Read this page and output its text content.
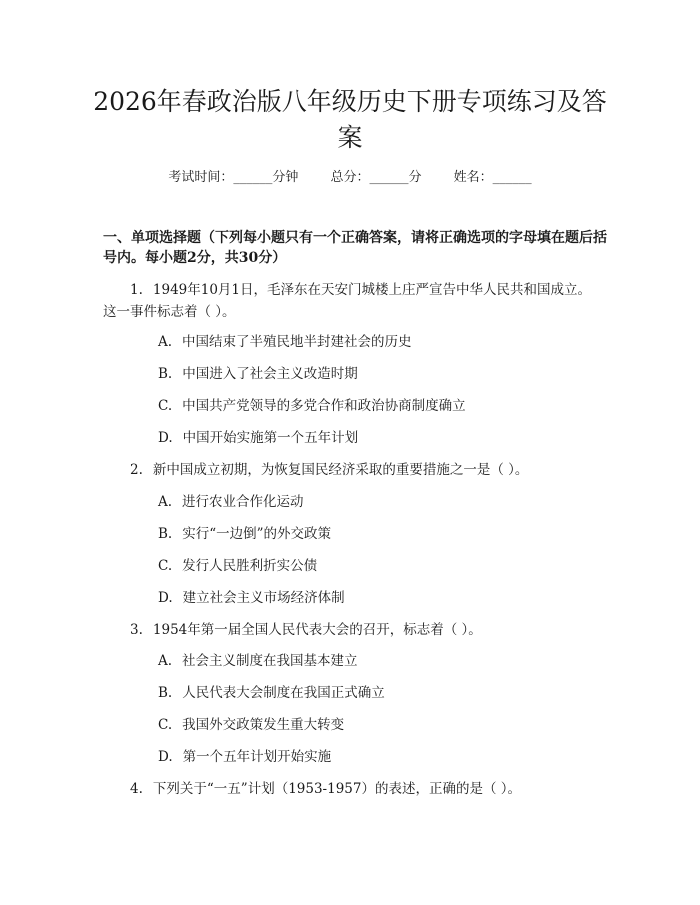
2026年春政治版八年级历史下册专项练习及答案
考试时间：______分钟 总分：______分 姓名：______
一、单项选择题（下列每小题只有一个正确答案，请将正确选项的字母填在题后括号内。每小题2分，共30分）
1. 1949年10月1日，毛泽东在天安门城楼上庄严宣告中华人民共和国成立。这一事件标志着（ ）。
A. 中国结束了半殖民地半封建社会的历史
B. 中国进入了社会主义改造时期
C. 中国共产党领导的多党合作和政治协商制度确立
D. 中国开始实施第一个五年计划
2. 新中国成立初期，为恢复国民经济采取的重要措施之一是（ ）。
A. 进行农业合作化运动
B. 实行“一边倒”的外交政策
C. 发行人民胜利折实公债
D. 建立社会主义市场经济体制
3. 1954年第一届全国人民代表大会的召开，标志着（ ）。
A. 社会主义制度在我国基本建立
B. 人民代表大会制度在我国正式确立
C. 我国外交政策发生重大转变
D. 第一个五年计划开始实施
4. 下列关于“一五”计划（1953-1957）的表述，正确的是（ ）。
